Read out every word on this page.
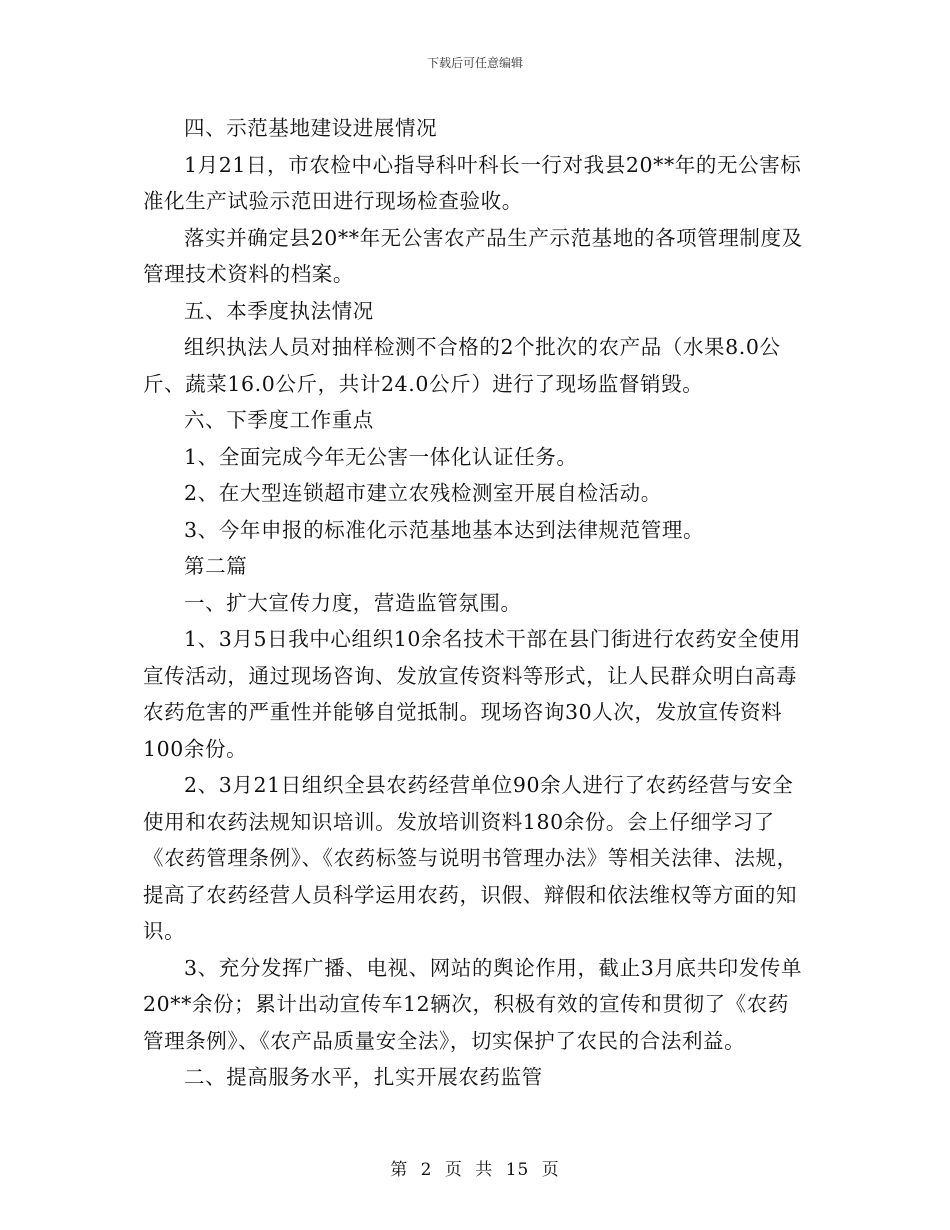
下载后可任意编辑

四、示范基地建设进展情况

1月21日，市农检中心指导科叶科长一行对我县20**年的无公害标准化生产试验示范田进行现场检查验收。

落实并确定县20**年无公害农产品生产示范基地的各项管理制度及管理技术资料的档案。

五、本季度执法情况

组织执法人员对抽样检测不合格的2个批次的农产品（水果8.0公斤、蔬菜16.0公斤，共计24.0公斤）进行了现场监督销毁。

六、下季度工作重点

1、全面完成今年无公害一体化认证任务。

2、在大型连锁超市建立农残检测室开展自检活动。

3、今年申报的标准化示范基地基本达到法律规范管理。

第二篇

一、扩大宣传力度，营造监管氛围。

1、3月5日我中心组织10余名技术干部在县门街进行农药安全使用宣传活动，通过现场咨询、发放宣传资料等形式，让人民群众明白高毒农药危害的严重性并能够自觉抵制。现场咨询30人次，发放宣传资料100余份。

2、3月21日组织全县农药经营单位90余人进行了农药经营与安全使用和农药法规知识培训。发放培训资料180余份。会上仔细学习了《农药管理条例》、《农药标签与说明书管理办法》等相关法律、法规，提高了农药经营人员科学运用农药，识假、辩假和依法维权等方面的知识。

3、充分发挥广播、电视、网站的舆论作用，截止3月底共印发传单20**余份；累计出动宣传车12辆次，积极有效的宣传和贯彻了《农药管理条例》、《农产品质量安全法》，切实保护了农民的合法利益。

二、提高服务水平，扎实开展农药监管

第 2 页 共 15 页
